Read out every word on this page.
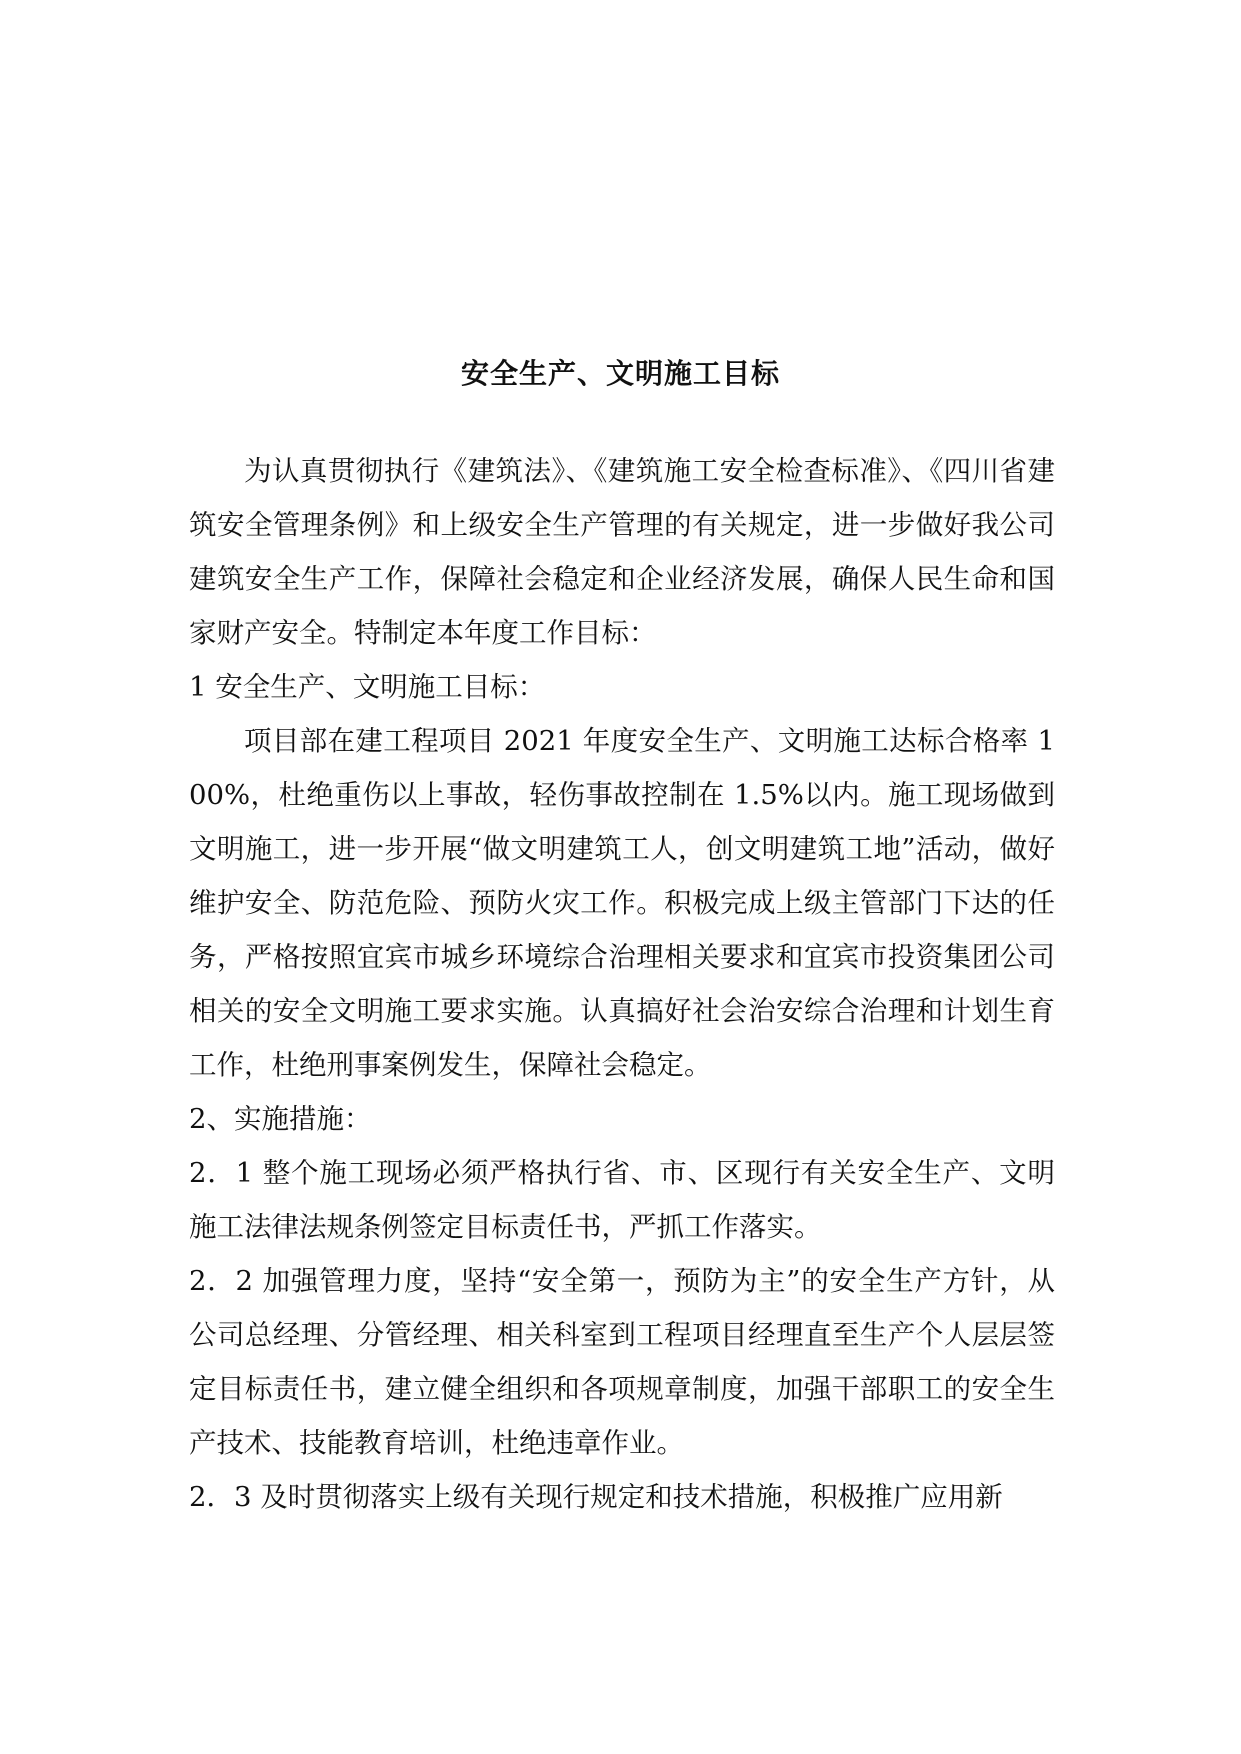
安全生产、文明施工目标

为认真贯彻执行《建筑法》、《建筑施工安全检查标准》、《四川省建筑安全管理条例》和上级安全生产管理的有关规定，进一步做好我公司建筑安全生产工作，保障社会稳定和企业经济发展，确保人民生命和国家财产安全。特制定本年度工作目标：

1 安全生产、文明施工目标：

项目部在建工程项目 2021 年度安全生产、文明施工达标合格率 100%，杜绝重伤以上事故，轻伤事故控制在 1.5%以内。施工现场做到文明施工，进一步开展“做文明建筑工人，创文明建筑工地”活动，做好维护安全、防范危险、预防火灾工作。积极完成上级主管部门下达的任务，严格按照宜宾市城乡环境综合治理相关要求和宜宾市投资集团公司相关的安全文明施工要求实施。认真搞好社会治安综合治理和计划生育工作，杜绝刑事案例发生，保障社会稳定。

2、实施措施：

2．1 整个施工现场必须严格执行省、市、区现行有关安全生产、文明施工法律法规条例签定目标责任书，严抓工作落实。

2．2 加强管理力度，坚持“安全第一，预防为主”的安全生产方针，从公司总经理、分管经理、相关科室到工程项目经理直至生产个人层层签定目标责任书，建立健全组织和各项规章制度，加强干部职工的安全生产技术、技能教育培训，杜绝违章作业。

2．3 及时贯彻落实上级有关现行规定和技术措施，积极推广应用新
